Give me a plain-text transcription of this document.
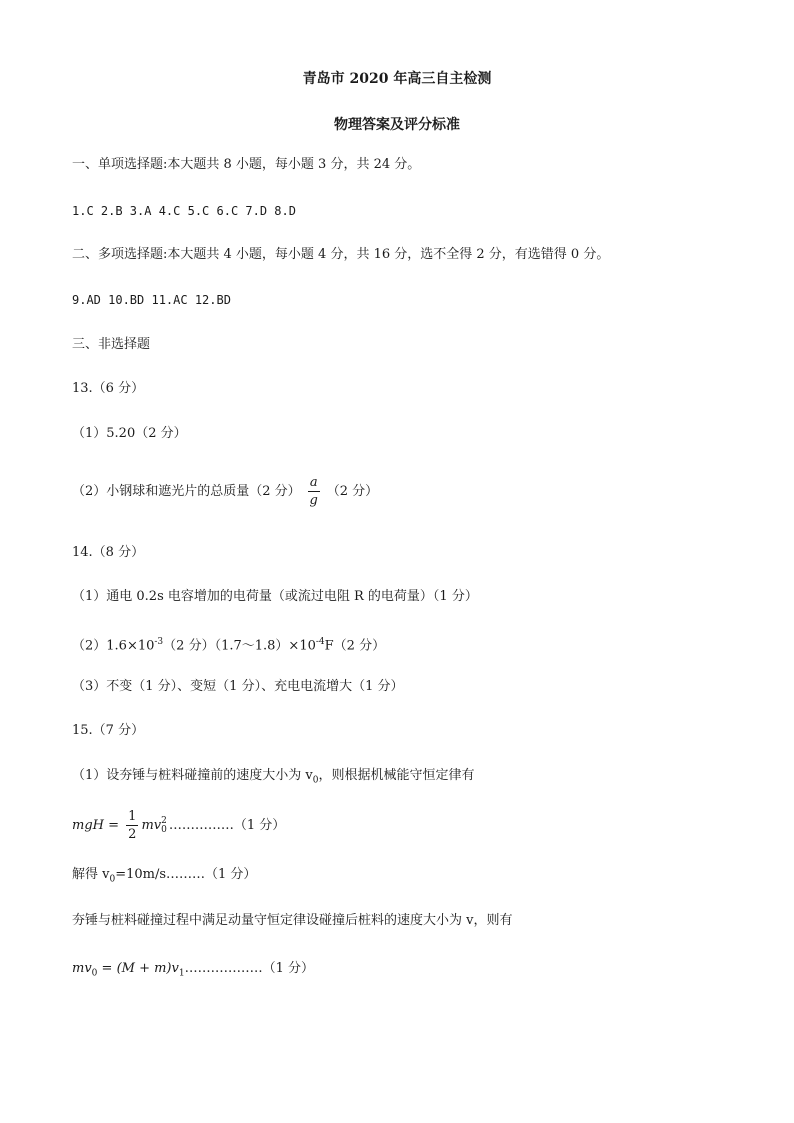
青岛市 2020 年高三自主检测
物理答案及评分标准
一、单项选择题:本大题共 8 小题，每小题 3 分，共 24 分。
1.C 2.B 3.A 4.C 5.C 6.C 7.D 8.D
二、多项选择题:本大题共 4 小题，每小题 4 分，共 16 分，选不全得 2 分，有选错得 0 分。
9.AD 10.BD 11.AC 12.BD
三、非选择题
13.（6 分）
（1）5.20（2 分）
（2）小钢球和遮光片的总质量（2 分） $\frac{a}{g} (2$ 分）
14.（8 分）
（1）通电 0.2s 电容增加的电荷量（或流过电阻 R 的电荷量）（1 分）
$(2)1.6\times 10^{-3}(2$ 分）$(1.7\sim 1.8)\times 10^{-4}F(2$ 分）
（3）不变（1 分）、变短（1 分）、充电电流增大（1 分）
15.（7 分）
（1）设夯锤与桩料碰撞前的速度大小为 $v_0$，则根据机械能守恒定律有
mgH = $\frac{1}{2}$ mv 2
0 ……………（1 分）
解得 $v_0=10m/s\dots\dots\dots(1$ 分）
夯锤与桩料碰撞过程中满足动量守恒定律设碰撞后桩料的速度大小为 v，则有
$mv_0 = (M$ + $m)v_1\dots\dots\dots\dots\dots\dots(1$ 分）
